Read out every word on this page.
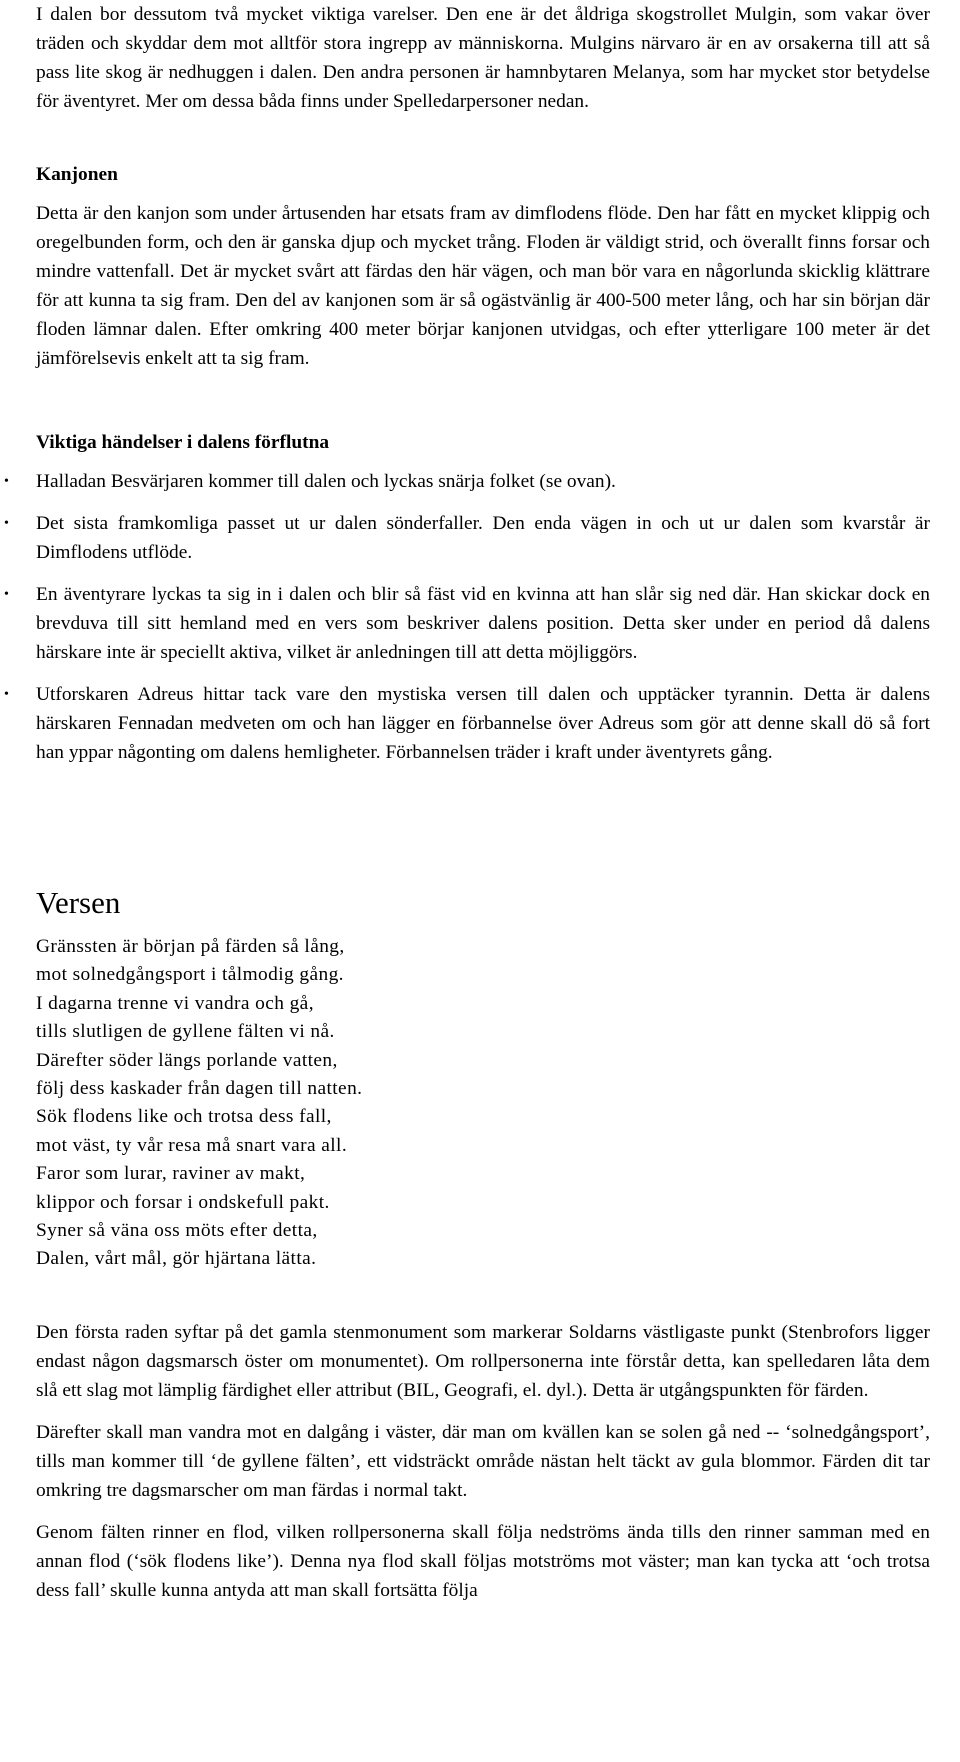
I dalen bor dessutom två mycket viktiga varelser. Den ene är det åldriga skogstrollet Mulgin, som vakar över träden och skyddar dem mot alltför stora ingrepp av människorna. Mulgins närvaro är en av orsakerna till att så pass lite skog är nedhuggen i dalen. Den andra personen är hamnbytaren Melanya, som har mycket stor betydelse för äventyret. Mer om dessa båda finns under Spelledarpersoner nedan.

Kanjonen

Detta är den kanjon som under årtusenden har etsats fram av dimflodens flöde. Den har fått en mycket klippig och oregelbunden form, och den är ganska djup och mycket trång. Floden är väldigt strid, och överallt finns forsar och mindre vattenfall. Det är mycket svårt att färdas den här vägen, och man bör vara en någorlunda skicklig klättrare för att kunna ta sig fram. Den del av kanjonen som är så ogästvänlig är 400-500 meter lång, och har sin början där floden lämnar dalen. Efter omkring 400 meter börjar kanjonen utvidgas, och efter ytterligare 100 meter är det jämförelsevis enkelt att ta sig fram.

Viktiga händelser i dalens förflutna
• Halladan Besvärjaren kommer till dalen och lyckas snärja folket (se ovan).

• Det sista framkomliga passet ut ur dalen sönderfaller. Den enda vägen in och ut ur dalen som kvarstår är Dimflodens utflöde.

• En äventyrare lyckas ta sig in i dalen och blir så fäst vid en kvinna att han slår sig ned där. Han skickar dock en brevduva till sitt hemland med en vers som beskriver dalens position. Detta sker under en period då dalens härskare inte är speciellt aktiva, vilket är anledningen till att detta möjliggörs.

• Utforskaren Adreus hittar tack vare den mystiska versen till dalen och upptäcker tyrannin. Detta är dalens härskaren Fennadan medveten om och han lägger en förbannelse över Adreus som gör att denne skall dö så fort han yppar någonting om dalens hemligheter. Förbannelsen träder i kraft under äventyrets gång.

Versen
Gränssten är början på färden så lång,
mot solnedgångsport i tålmodig gång.
I dagarna trenne vi vandra och gå,
tills slutligen de gyllene fälten vi nå.
Därefter söder längs porlande vatten,
följ dess kaskader från dagen till natten.
Sök flodens like och trotsa dess fall,
mot väst, ty vår resa må snart vara all.
Faror som lurar, raviner av makt,
klippor och forsar i ondskefull pakt.
Syner så väna oss möts efter detta,
Dalen, vårt mål, gör hjärtana lätta.

Den första raden syftar på det gamla stenmonument som markerar Soldarns västligaste punkt (Stenbrofors ligger endast någon dagsmarsch öster om monumentet). Om rollpersonerna inte förstår detta, kan spelledaren låta dem slå ett slag mot lämplig färdighet eller attribut (BIL, Geografi, el. dyl.). Detta är utgångspunkten för färden.

Därefter skall man vandra mot en dalgång i väster, där man om kvällen kan se solen gå ned -- ‘solnedgångsport’, tills man kommer till ‘de gyllene fälten’, ett vidsträckt område nästan helt täckt av gula blommor. Färden dit tar omkring tre dagsmarscher om man färdas i normal takt.

Genom fälten rinner en flod, vilken rollpersonerna skall följa nedströms ända tills den rinner samman med en annan flod (‘sök flodens like’). Denna nya flod skall följas motströms mot väster; man kan tycka att ‘och trotsa dess fall’ skulle kunna antyda att man skall fortsätta följa
